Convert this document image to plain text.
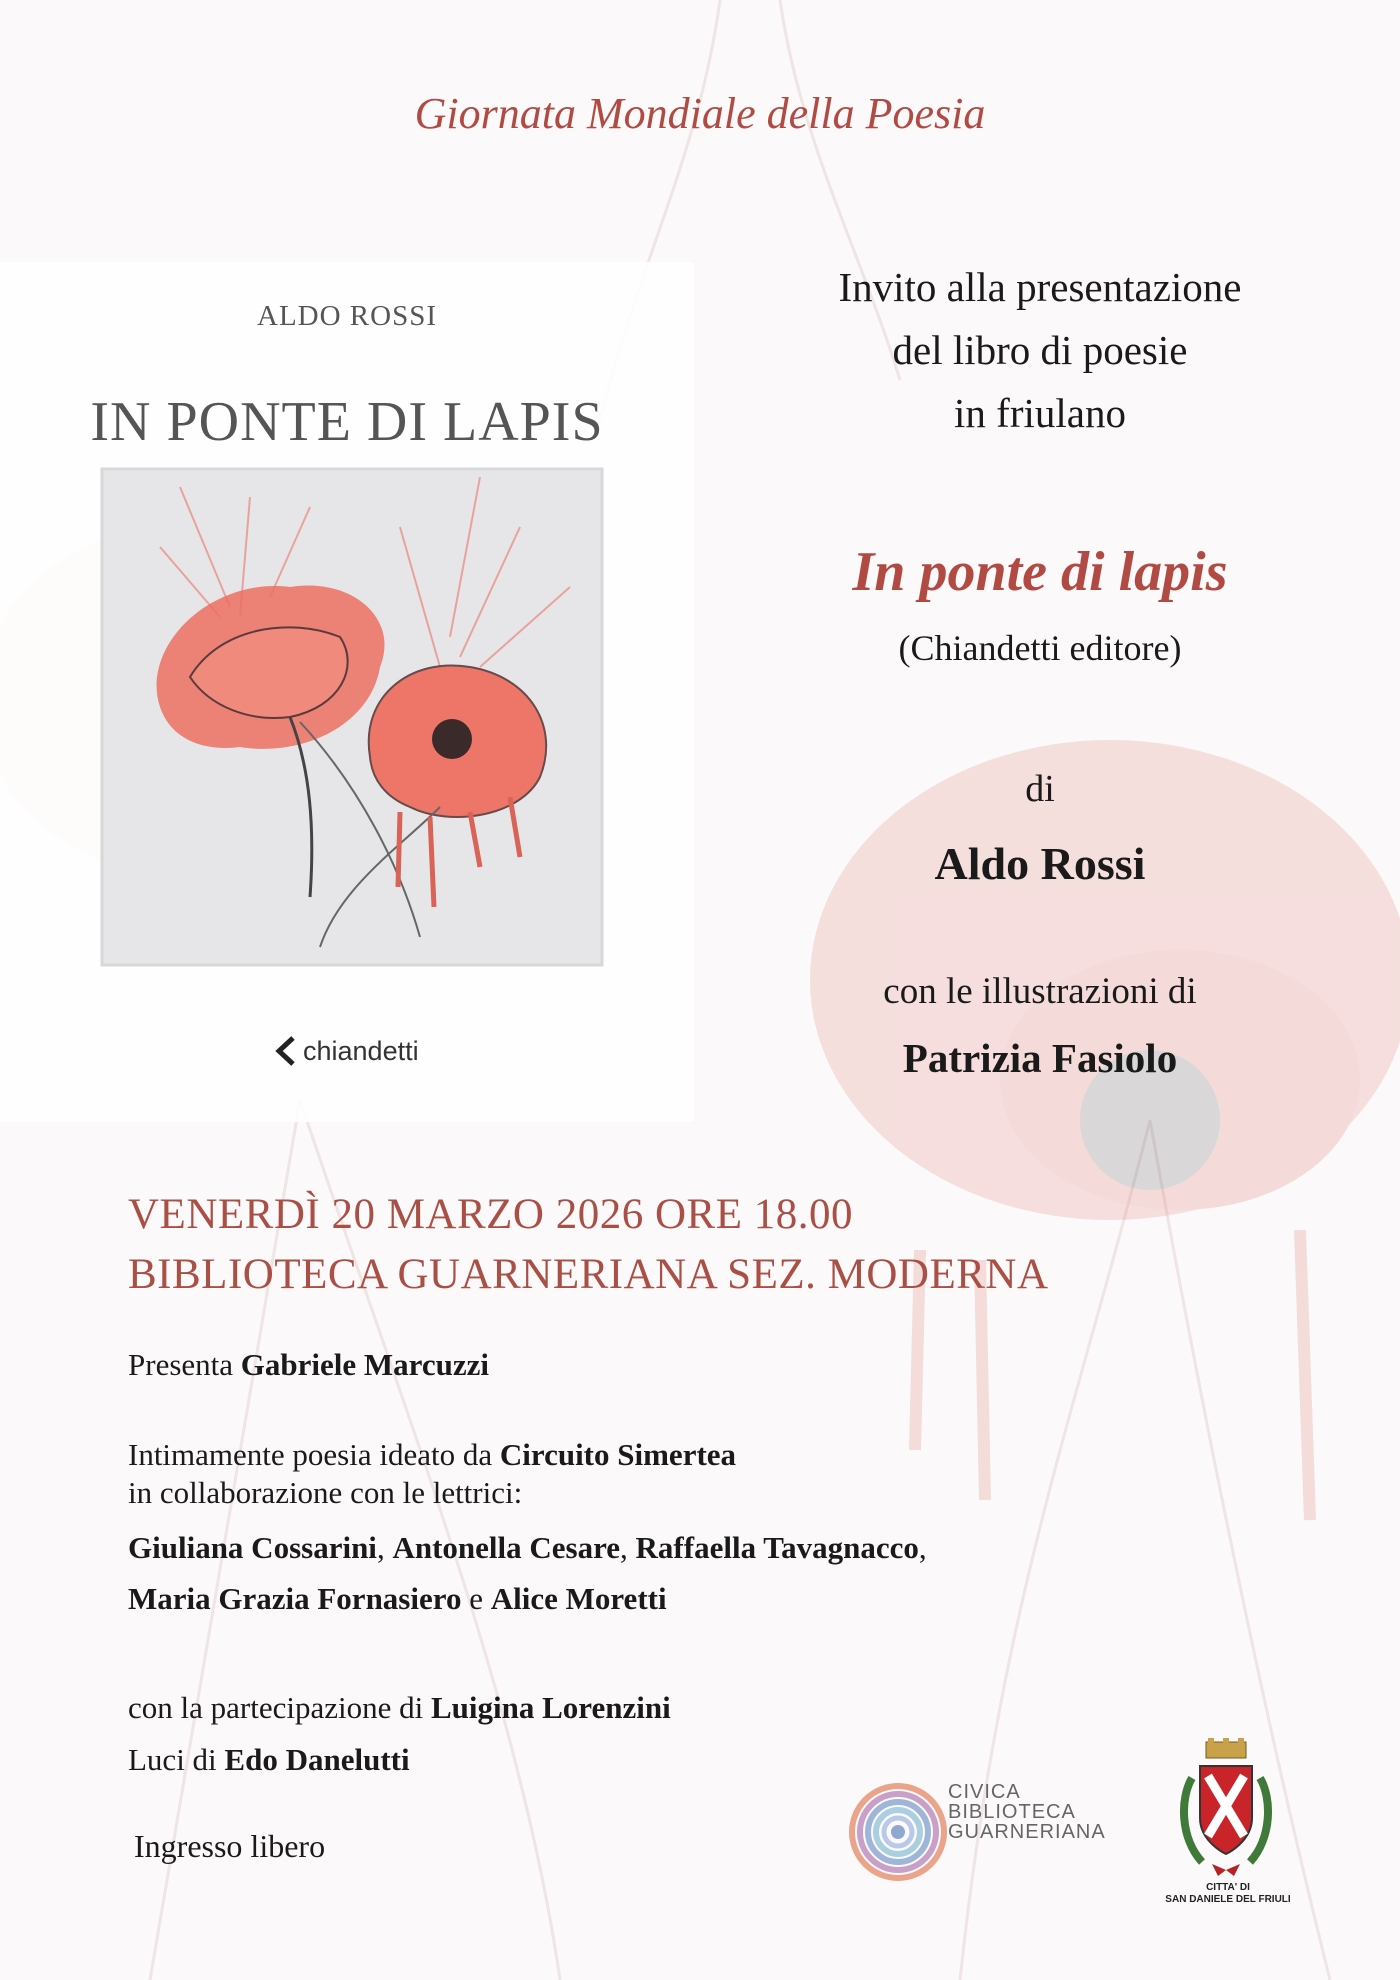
Giornata Mondiale della Poesia
ALDO ROSSI
IN PONTE DI LAPIS
chiandetti
Invito alla presentazione
del libro di poesie
in friulano
In ponte di lapis
(Chiandetti editore)
di
Aldo Rossi
con le illustrazioni di
Patrizia Fasiolo
VENERDÌ 20 MARZO 2026 ORE 18.00
BIBLIOTECA GUARNERIANA SEZ. MODERNA
Presenta Gabriele Marcuzzi
Intimamente poesia ideato da Circuito Simertea
in collaborazione con le lettrici:
Giuliana Cossarini, Antonella Cesare, Raffaella Tavagnacco,
Maria Grazia Fornasiero e Alice Moretti
con la partecipazione di Luigina Lorenzini
Luci di Edo Danelutti
Ingresso libero
CIVICA
BIBLIOTECA
GUARNERIANA
CITTA' DI
SAN DANIELE DEL FRIULI
